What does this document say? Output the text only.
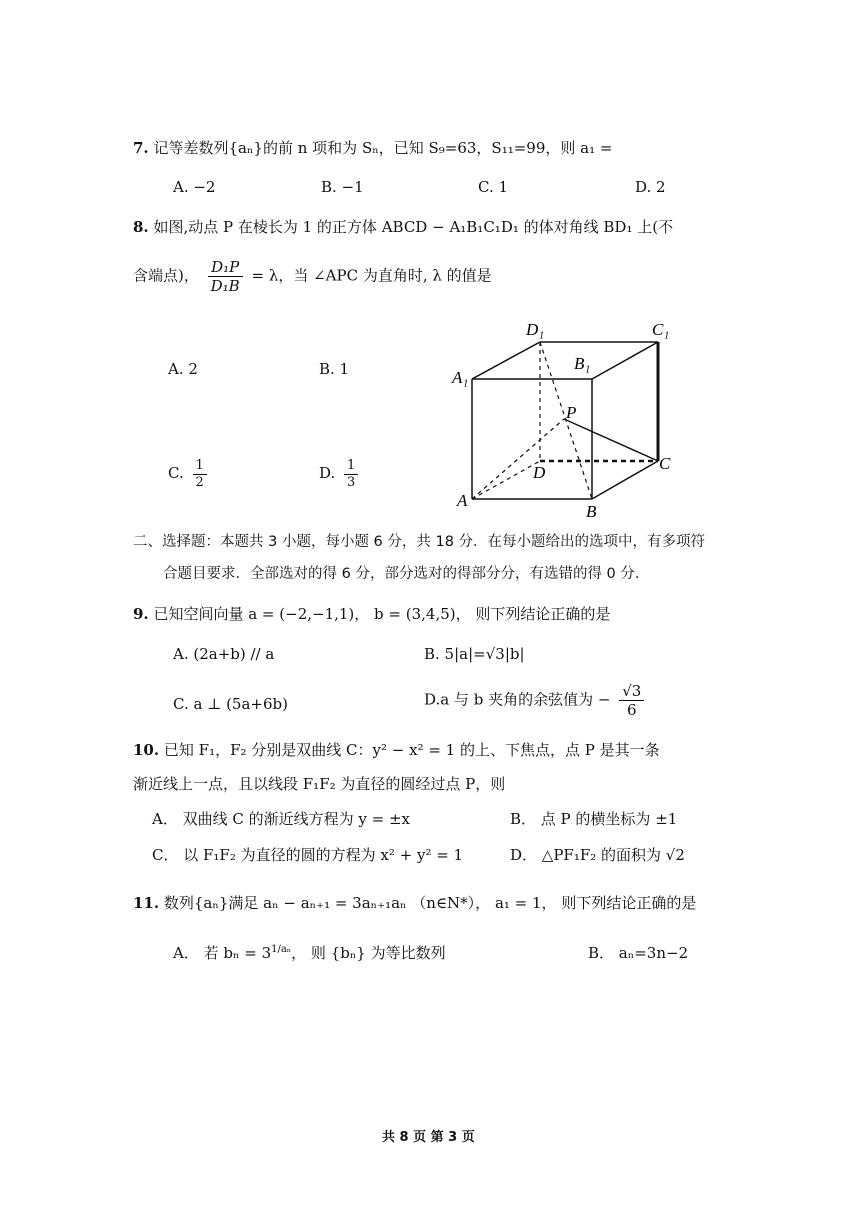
7. 记等差数列{aₙ}的前 n 项和为 Sₙ，已知 S₉=63，S₁₁=99，则 a₁ =
A. −2	B. −1	C. 1	D. 2
8. 如图,动点 P 在棱长为 1 的正方体 ABCD − A₁B₁C₁D₁ 的体对角线 BD₁ 上(不
含端点)， $\frac{\text{D₁P}}{\text{D₁B}} = \lambda$，当 ∠APC 为直角时, λ 的值是
A. 2	B. 1
C. $\frac{1}{2}$	D. $\frac{1}{3}$
D₁	C₁
A₁
B₁
P
D	C
A
B
二、选择题：本题共 3 小题，每小题 6 分，共 18 分．在每小题给出的选项中，有多项符
合题目要求．全部选对的得 6 分，部分选对的得部分分，有选错的得 0 分．
9. 已知空间向量 a = (−2,−1,1)， b = (3,4,5)， 则下列结论正确的是
A. (2a+b) // a	B. 5|a|=√3|b|
C. a ⊥ (5a+6b)	D.a 与 b 夹角的余弦值为 − $\frac{√3}{6}$
10. 已知 F₁，F₂ 分别是双曲线 C：y² − x² = 1 的上、下焦点，点 P 是其一条
渐近线上一点，且以线段 F₁F₂ 为直径的圆经过点 P，则
A． 双曲线 C 的渐近线方程为 y = ±x	B． 点 P 的横坐标为 ±1
C． 以 F₁F₂ 为直径的圆的方程为 x² + y² = 1	D． △PF₁F₂ 的面积为 √2
11. 数列{aₙ}满足 aₙ − aₙ₊₁ = 3aₙ₊₁aₙ （n∈N*）， a₁ = 1， 则下列结论正确的是
A． 若 $b_n = 3^{1/a_n}$， 则 {bₙ} 为等比数列	B． aₙ=3n−2
共 8 页 第 3 页
